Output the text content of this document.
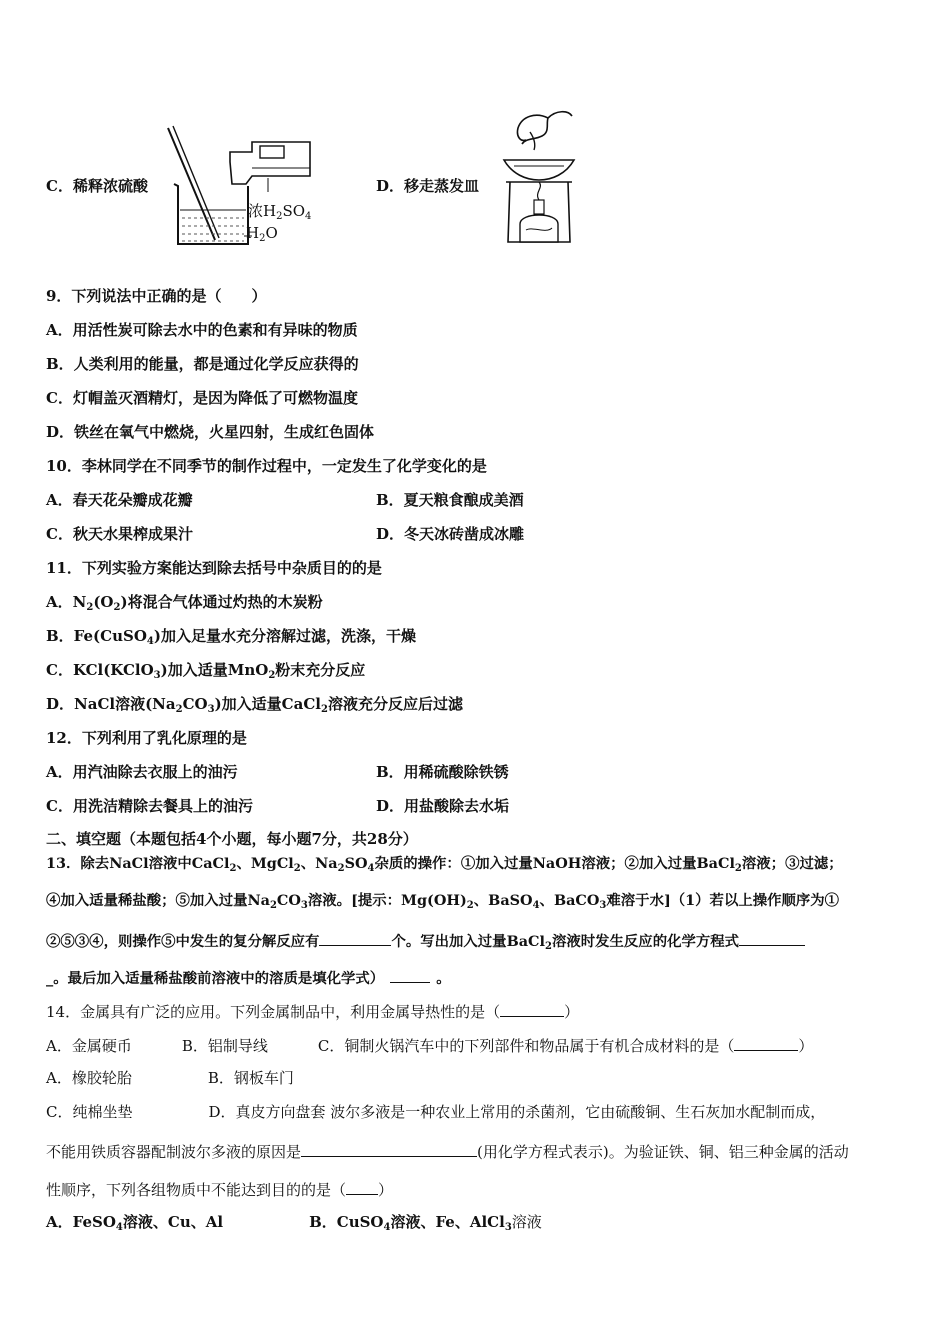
C．稀释浓硫酸
浓$H_2SO_4$
$H_2O$
D．移走蒸发皿
9．下列说法中正确的是（　　）
A．用活性炭可除去水中的色素和有异味的物质
B．人类利用的能量，都是通过化学反应获得的
C．灯帽盖灭酒精灯，是因为降低了可燃物温度
D．铁丝在氧气中燃烧，火星四射，生成红色固体
10．李林同学在不同季节的制作过程中，一定发生了化学变化的是
A．春天花朵瓣成花瓣	B．夏天粮食酿成美酒
C．秋天水果榨成果汁	D．冬天冰砖凿成冰雕
11．下列实验方案能达到除去括号中杂质目的的是
A．$N_2(O_2)$将混合气体通过灼热的木炭粉
B．Fe(CuSO$_4$)加入足量水充分溶解过滤，洗涤，干燥
C．KCl(KClO$_3$)加入适量MnO$_2$粉末充分反应
D．NaCl溶液$(Na_2CO_3)$加入适量CaCl$_2$溶液充分反应后过滤
12．下列利用了乳化原理的是
A．用汽油除去衣服上的油污	B．用稀硫酸除铁锈
C．用洗洁精除去餐具上的油污	D．用盐酸除去水垢
二、填空题（本题包括4个小题，每小题7分，共28分）
13．除去NaCl溶液中CaCl$_2$、MgCl$_2$、$Na_2SO_4$杂质的操作：①加入过量NaOH溶液；②加入过量BaCl$_2$溶液；③过滤；
④加入适量稀盐酸；⑤加入过量$Na_2CO_3$溶液。[提示：$Mg(OH)_2$、BaSO$_4$、BaCO$_3$难溶于水]（1）若以上操作顺序为①
②⑤③④，则操作⑤中发生的复分解反应有	个。写出加入过量BaCl$_2$溶液时发生反应的化学方程式
_。最后加入适量稀盐酸前溶液中的溶质是填化学式）	。
14．金属具有广泛的应用。下列金属制品中，利用金属导热性的是（	）
A．金属硬币	B．铝制导线	C．铜制火锅汽车中的下列部件和物品属于有机合成材料的是（	）
A．橡胶轮胎	B．钢板车门
C．纯棉坐垫	D．真皮方向盘套 波尔多液是一种农业上常用的杀菌剂，它由硫酸铜、生石灰加水配制而成，
不能用铁质容器配制波尔多液的原因是	(用化学方程式表示)。为验证铁、铜、铝三种金属的活动
性顺序，下列各组物质中不能达到目的的是（ ）
A．FeSO$_4$溶液、Cu、Al	B．CuSO$_4$溶液、Fe、AlCl$_3$溶液
